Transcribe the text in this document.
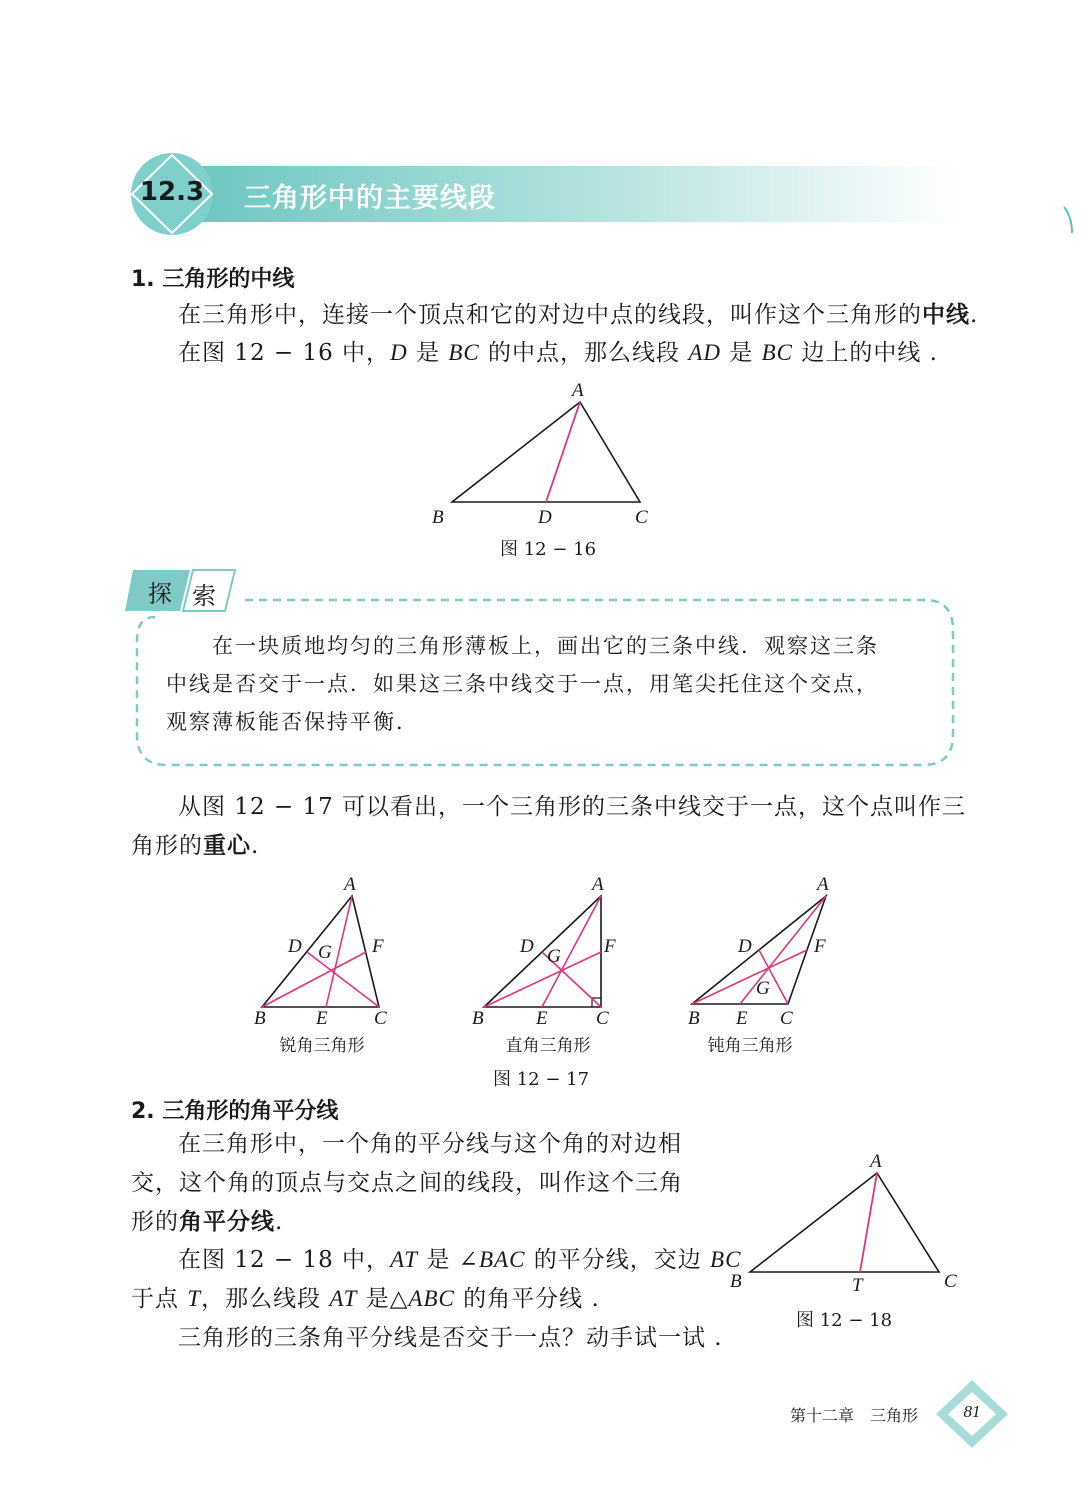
12.3	三角形中的主要线段
1. 三角形的中线
在三角形中，连接一个顶点和它的对边中点的线段，叫作这个三角形的中线.
在图 12 − 16 中，D 是 BC 的中点，那么线段 AD 是 BC 边上的中线 .
A
B	D	C
图 12 − 16
探 索
在一块质地均匀的三角形薄板上，画出它的三条中线．观察这三条
中线是否交于一点．如果这三条中线交于一点，用笔尖托住这个交点，
观察薄板能否保持平衡．
从图 12 − 17 可以看出，一个三角形的三条中线交于一点，这个点叫作三
角形的重心.
A
D G F
B	E C
A
D G F
B	E	C
A
D
G
F
B E C
锐角三角形	直角三角形	钝角三角形
图 12 − 17
2. 三角形的角平分线
在三角形中，一个角的平分线与这个角的对边相
交，这个角的顶点与交点之间的线段，叫作这个三角
形的角平分线.
在图 12 − 18 中，AT 是 ∠BAC 的平分线，交边 BC
于点 T，那么线段 AT 是△ABC 的角平分线 .
三角形的三条角平分线是否交于一点？动手试一试 .
A
B	T	C
图 12 − 18
第十二章　三角形	81
